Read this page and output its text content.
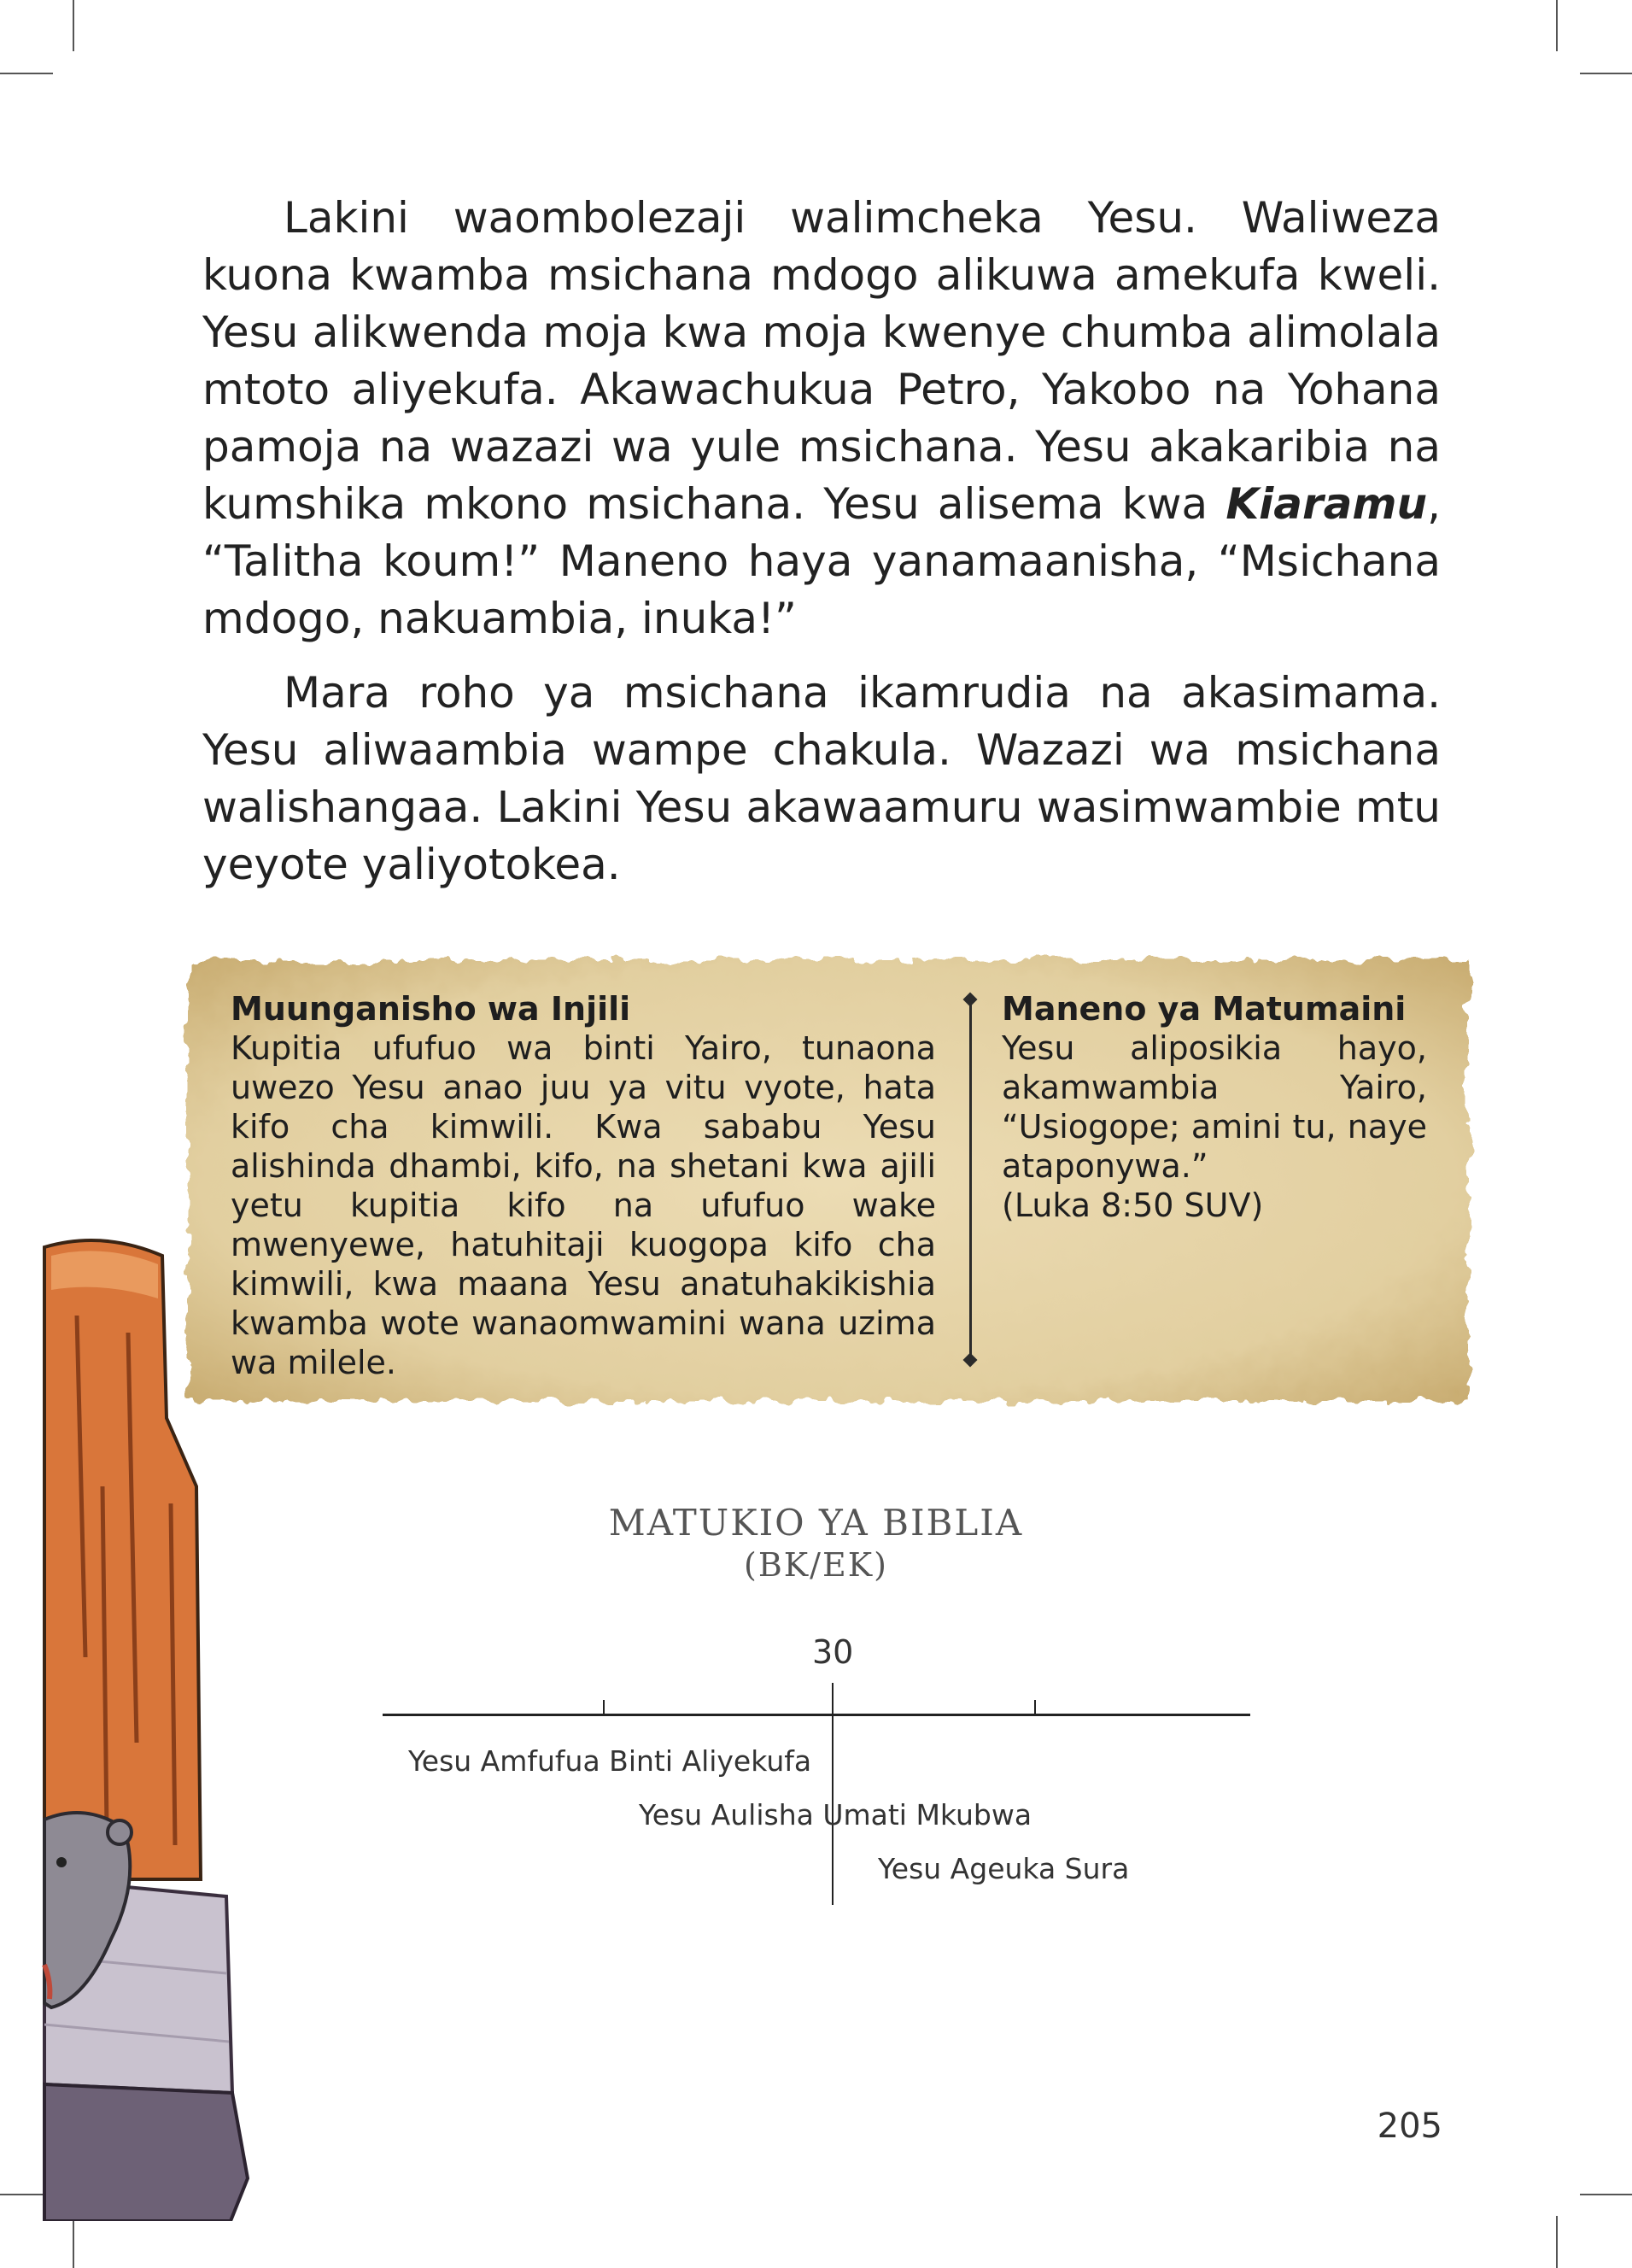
Lakini waombolezaji walimcheka Yesu. Waliweza kuona kwamba msichana mdogo alikuwa amekufa kweli. Yesu alikwenda moja kwa moja kwenye chumba alimolala mtoto aliyekufa. Akawachukua Petro, Yakobo na Yohana pamoja na wazazi wa yule msichana. Yesu akakaribia na kumshika mkono msichana. Yesu alisema kwa Kiaramu, “Talitha koum!” Maneno haya yanamaanisha, “Msichana mdogo, nakuambia, inuka!”

Mara roho ya msichana ikamrudia na akasimama. Yesu aliwaambia wampe chakula. Wazazi wa msichana walishangaa. Lakini Yesu akawaamuru wasimwambie mtu yeyote yaliyotokea.

Muunganisho wa Injili

Kupitia ufufuo wa binti Yairo, tunaona uwezo Yesu anao juu ya vitu vyote, hata kifo cha kimwili. Kwa sababu Yesu alishinda dhambi, kifo, na shetani kwa ajili yetu kupitia kifo na ufufuo wake mwenyewe, hatuhitaji kuogopa kifo cha kimwili, kwa maana Yesu anatuhakikishia kwamba wote wanaomwamini wana uzima wa milele.

Maneno ya Matumaini

Yesu aliposikia hayo, akamwambia Yairo, “Usiogope; amini tu, naye ataponywa.”

(Luka 8:50 SUV)

MATUKIO YA BIBLIA
(BK/EK)
30
Yesu Amfufua Binti Aliyekufa
Yesu Aulisha Umati Mkubwa
Yesu Ageuka Sura
205
